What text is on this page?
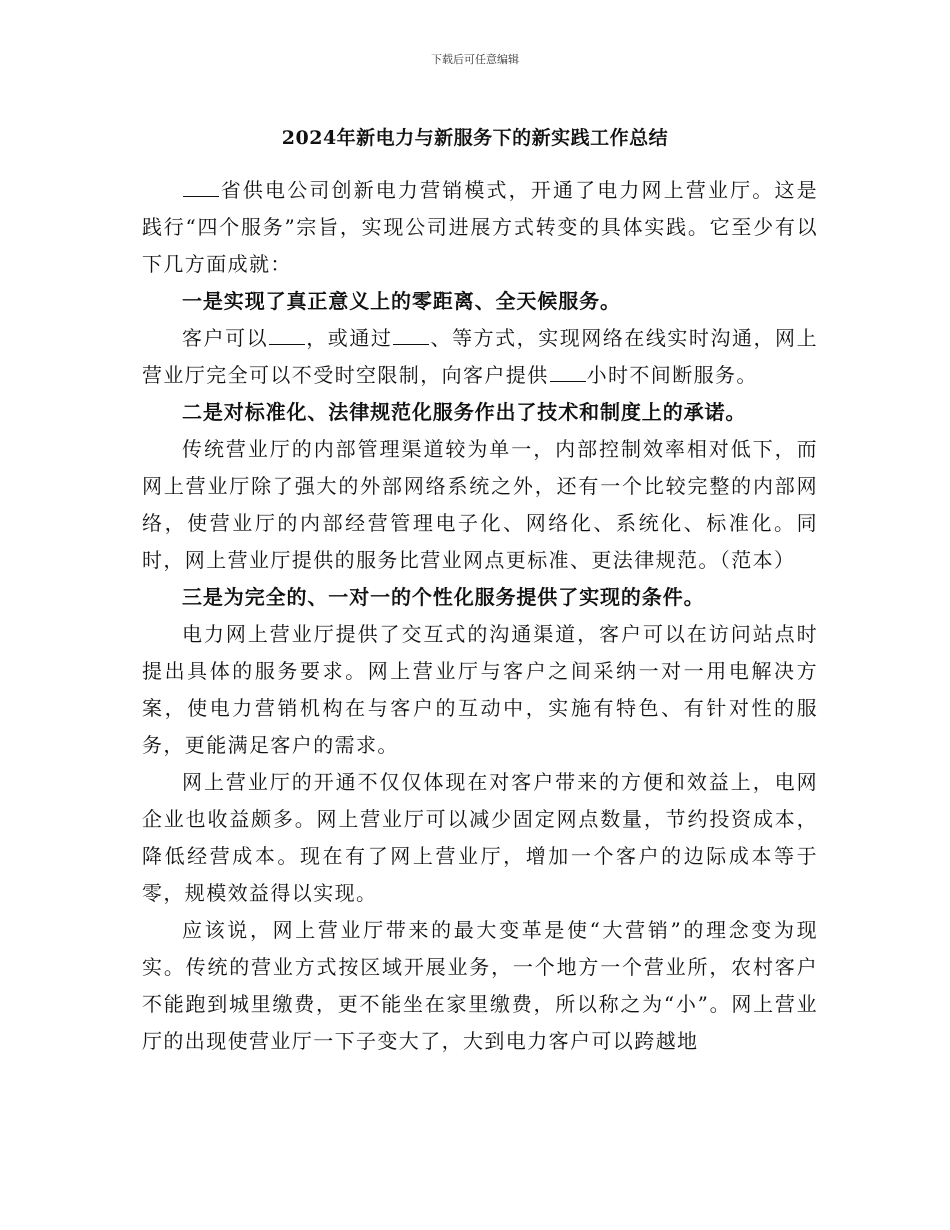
下载后可任意编辑
2024年新电力与新服务下的新实践工作总结

省供电公司创新电力营销模式，开通了电力网上营业厅。这是践行“四个服务”宗旨，实现公司进展方式转变的具体实践。它至少有以下几方面成就：

一是实现了真正意义上的零距离、全天候服务。

客户可以 ，或通过 、等方式，实现网络在线实时沟通，网上营业厅完全可以不受时空限制，向客户提供 小时不间断服务。

二是对标准化、法律规范化服务作出了技术和制度上的承诺。

传统营业厅的内部管理渠道较为单一，内部控制效率相对低下，而网上营业厅除了强大的外部网络系统之外，还有一个比较完整的内部网络，使营业厅的内部经营管理电子化、网络化、系统化、标准化。同时，网上营业厅提供的服务比营业网点更标准、更法律规范。（范本）

三是为完全的、一对一的个性化服务提供了实现的条件。

电力网上营业厅提供了交互式的沟通渠道，客户可以在访问站点时提出具体的服务要求。网上营业厅与客户之间采纳一对一用电解决方案，使电力营销机构在与客户的互动中，实施有特色、有针对性的服务，更能满足客户的需求。

网上营业厅的开通不仅仅体现在对客户带来的方便和效益上，电网企业也收益颇多。网上营业厅可以减少固定网点数量，节约投资成本，降低经营成本。现在有了网上营业厅，增加一个客户的边际成本等于零，规模效益得以实现。

应该说，网上营业厅带来的最大变革是使“大营销”的理念变为现实。传统的营业方式按区域开展业务，一个地方一个营业所，农村客户不能跑到城里缴费，更不能坐在家里缴费，所以称之为“小”。网上营业厅的出现使营业厅一下子变大了，大到电力客户可以跨越地
